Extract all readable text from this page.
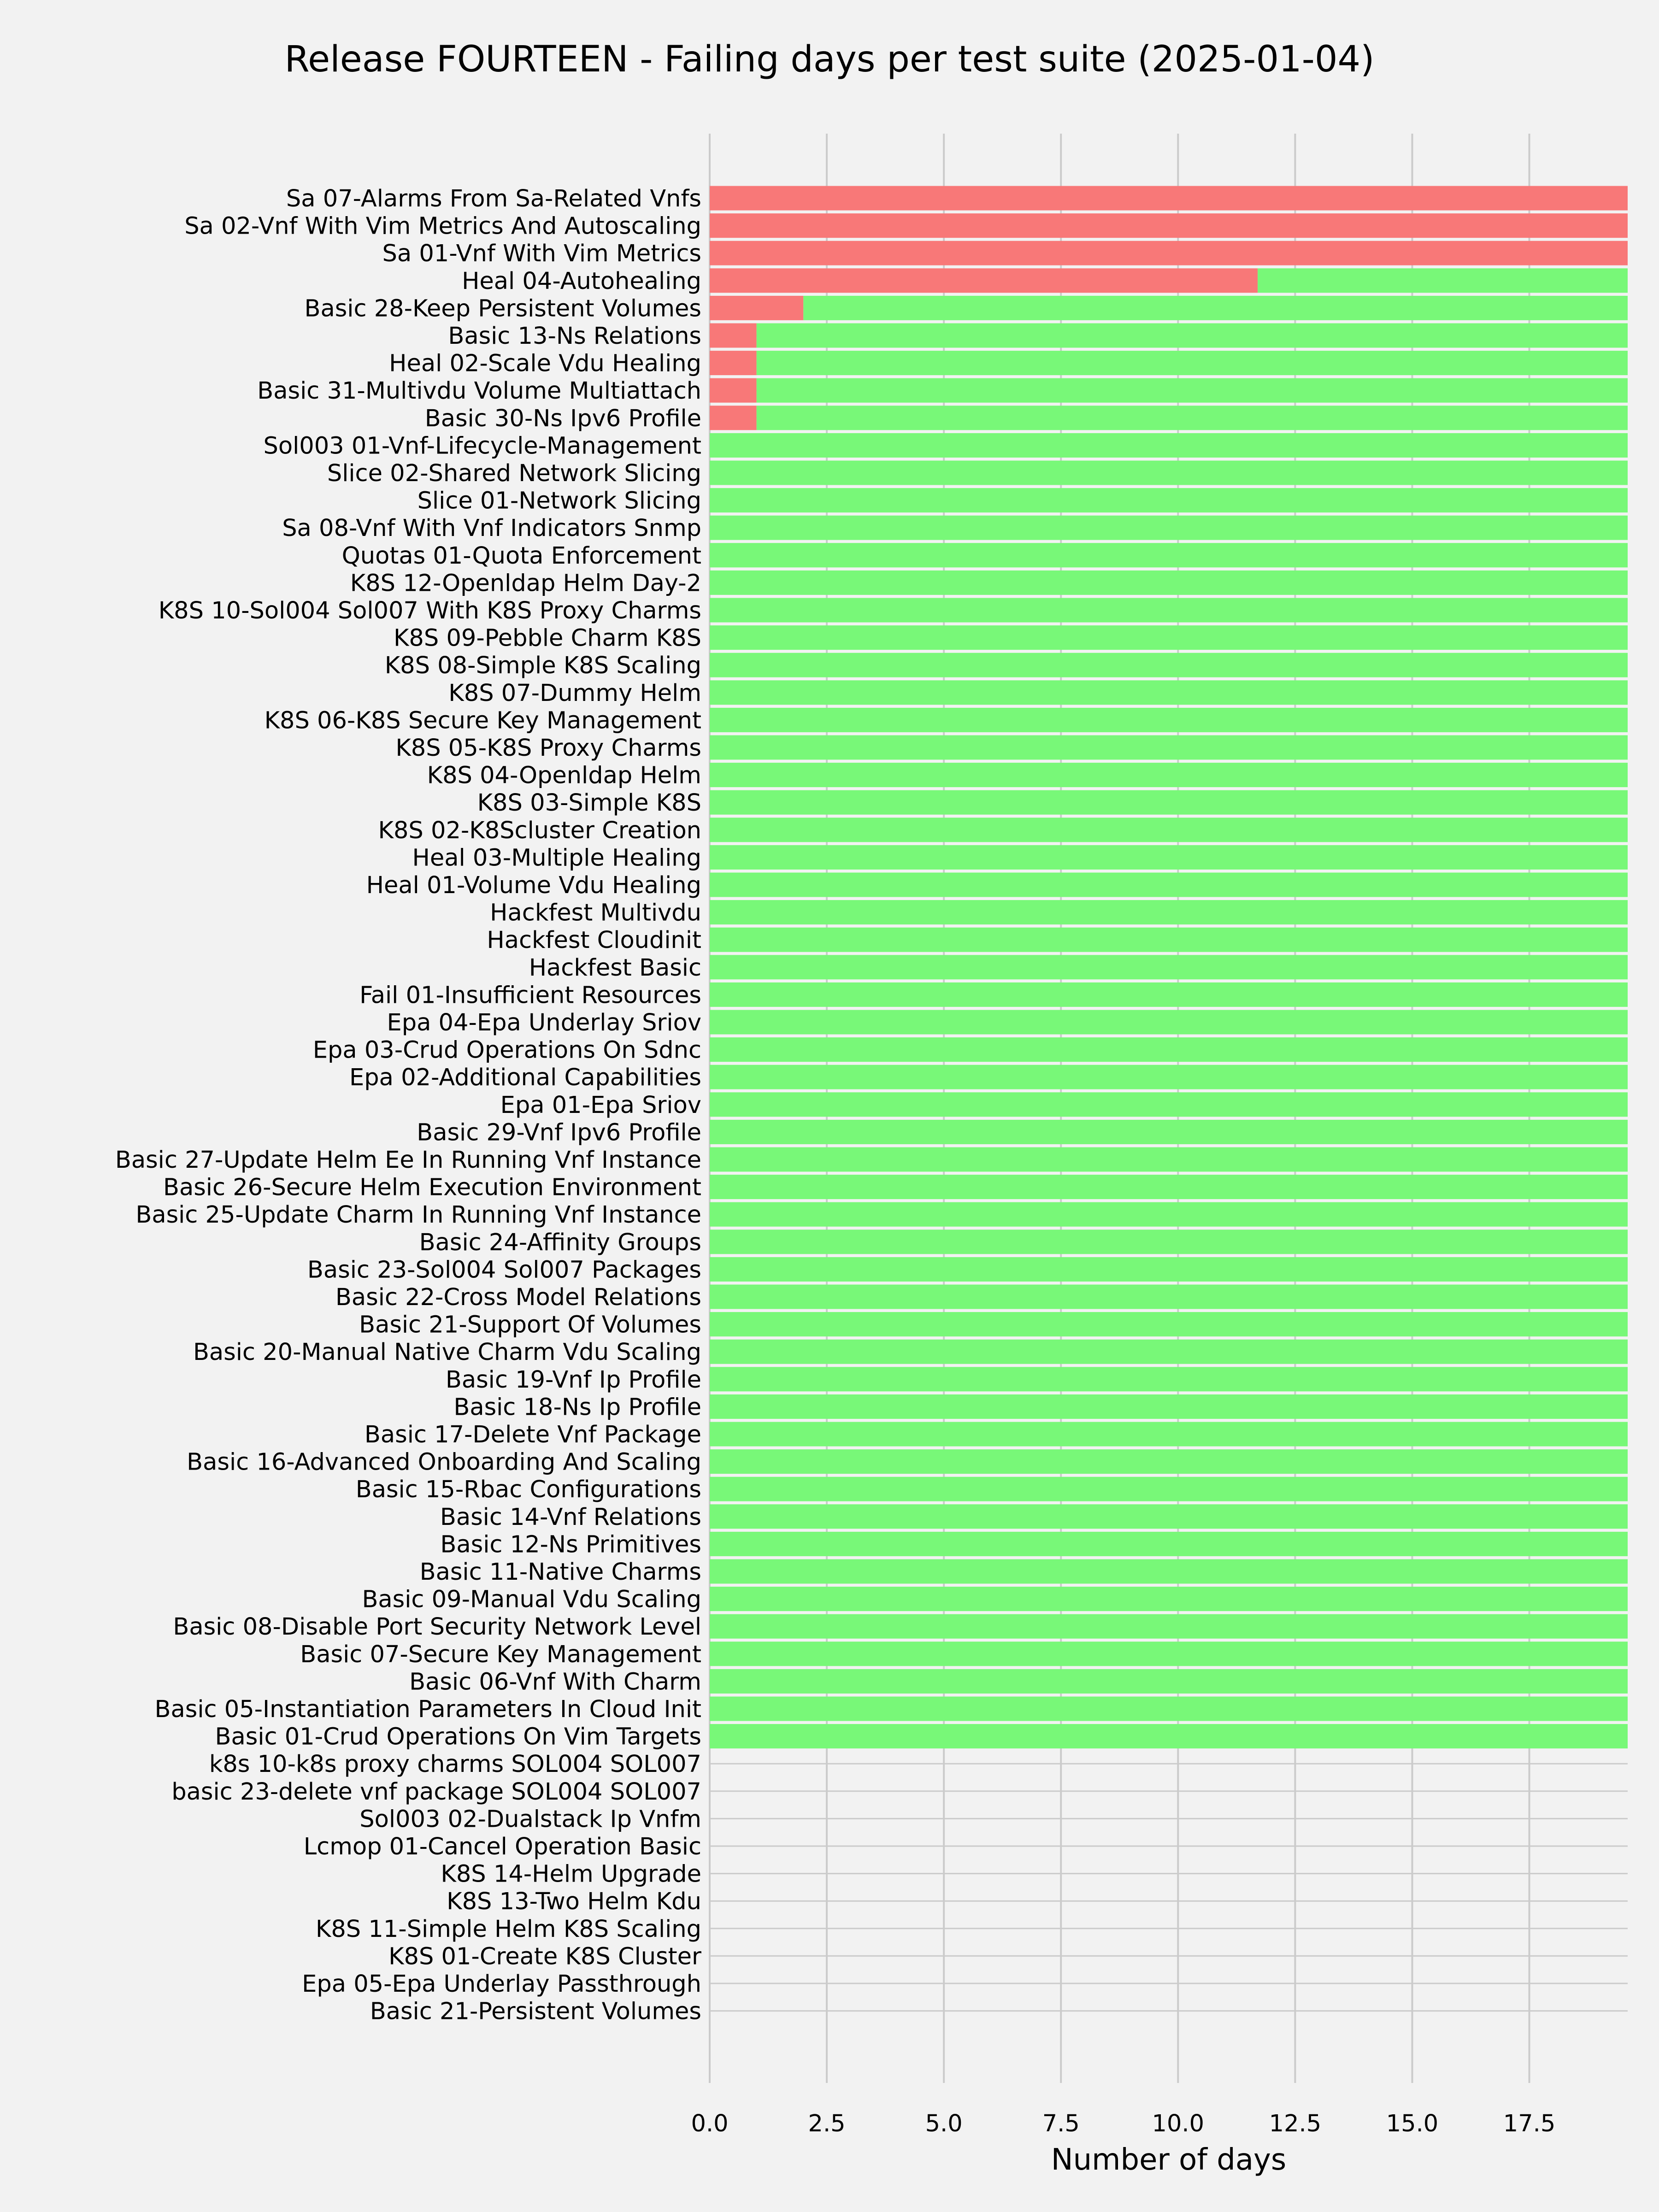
Release FOURTEEN - Failing days per test suite (2025-01-04)
Sa 07-Alarms From Sa-Related Vnfs
Sa 02-Vnf With Vim Metrics And Autoscaling
Sa 01-Vnf With Vim Metrics
Heal 04-Autohealing
Basic 28-Keep Persistent Volumes
Basic 13-Ns Relations
Heal 02-Scale Vdu Healing
Basic 31-Multivdu Volume Multiattach
Basic 30-Ns Ipv6 Profile
Sol003 01-Vnf-Lifecycle-Management
Slice 02-Shared Network Slicing
Slice 01-Network Slicing
Sa 08-Vnf With Vnf Indicators Snmp
Quotas 01-Quota Enforcement
K8S 12-Openldap Helm Day-2
K8S 10-Sol004 Sol007 With K8S Proxy Charms
K8S 09-Pebble Charm K8S
K8S 08-Simple K8S Scaling
K8S 07-Dummy Helm
K8S 06-K8S Secure Key Management
K8S 05-K8S Proxy Charms
K8S 04-Openldap Helm
K8S 03-Simple K8S
K8S 02-K8Scluster Creation
Heal 03-Multiple Healing
Heal 01-Volume Vdu Healing
Hackfest Multivdu
Hackfest Cloudinit
Hackfest Basic
Fail 01-Insufficient Resources
Epa 04-Epa Underlay Sriov
Epa 03-Crud Operations On Sdnc
Epa 02-Additional Capabilities
Epa 01-Epa Sriov
Basic 29-Vnf Ipv6 Profile
Basic 27-Update Helm Ee In Running Vnf Instance
Basic 26-Secure Helm Execution Environment
Basic 25-Update Charm In Running Vnf Instance
Basic 24-Affinity Groups
Basic 23-Sol004 Sol007 Packages
Basic 22-Cross Model Relations
Basic 21-Support Of Volumes
Basic 20-Manual Native Charm Vdu Scaling
Basic 19-Vnf Ip Profile
Basic 18-Ns Ip Profile
Basic 17-Delete Vnf Package
Basic 16-Advanced Onboarding And Scaling
Basic 15-Rbac Configurations
Basic 14-Vnf Relations
Basic 12-Ns Primitives
Basic 11-Native Charms
Basic 09-Manual Vdu Scaling
Basic 08-Disable Port Security Network Level
Basic 07-Secure Key Management
Basic 06-Vnf With Charm
Basic 05-Instantiation Parameters In Cloud Init
Basic 01-Crud Operations On Vim Targets
k8s 10-k8s proxy charms SOL004 SOL007
basic 23-delete vnf package SOL004 SOL007
Sol003 02-Dualstack Ip Vnfm
Lcmop 01-Cancel Operation Basic
K8S 14-Helm Upgrade
K8S 13-Two Helm Kdu
K8S 11-Simple Helm K8S Scaling
K8S 01-Create K8S Cluster
Epa 05-Epa Underlay Passthrough
Basic 21-Persistent Volumes
0.0	2.5	5.0	7.5	10.0	12.5	15.0	17.5
Number of days
